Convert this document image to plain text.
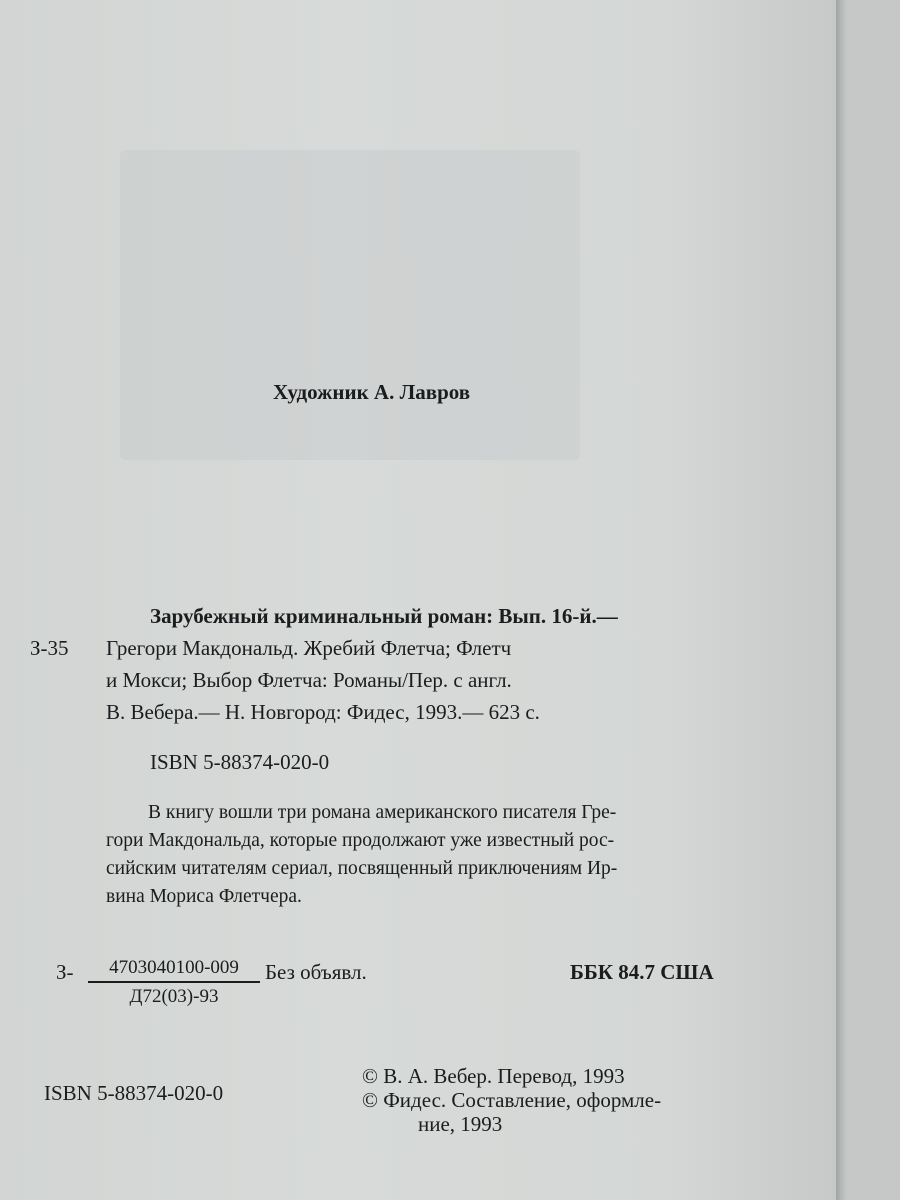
Художник А. Лавров
Зарубежный криминальный роман: Вып. 16-й.—
З-35 Грегори Макдональд. Жребий Флетча; Флетч
и Мокси; Выбор Флетча: Романы/Пер. с англ.
В. Вебера.— Н. Новгород: Фидес, 1993.— 623 с.
ISBN 5-88374-020-0
В книгу вошли три романа американского писателя Гре-
гори Макдональда, которые продолжают уже известный рос-
сийским читателям сериал, посвященный приключениям Ир-
вина Мориса Флетчера.
З-	4703040100-009
Д72(03)-93
Без объявл.	ББК 84.7 США
ISBN 5-88374-020-0
© В. А. Вебер. Перевод, 1993
© Фидес. Составление, оформле-
ние, 1993
